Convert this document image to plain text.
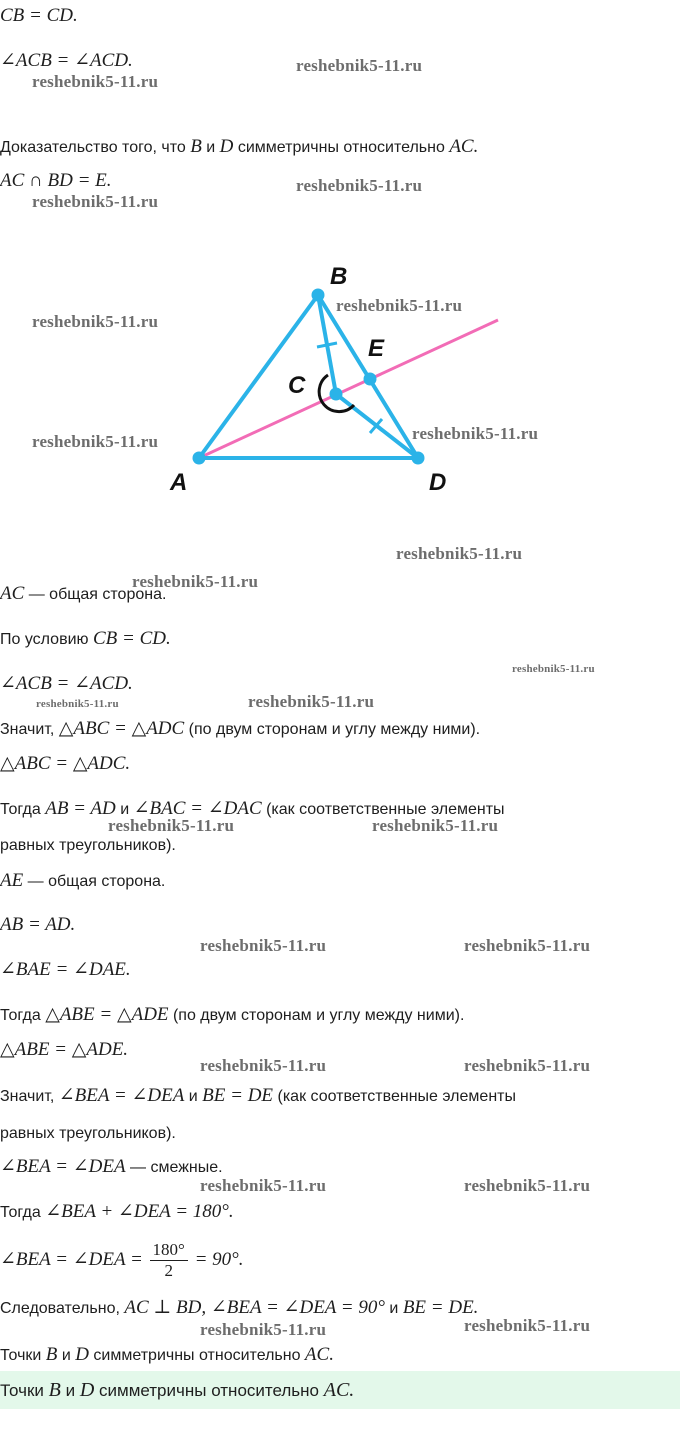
CB = CD.
∠ACB = ∠ACD.
Доказательство того, что B и D симметричны относительно AC.
AC ∩ BD = E.
B
E
C
A	D
AC — общая сторона.
По условию CB = CD.
∠ACB = ∠ACD.
Значит, △ABC = △ADC (по двум сторонам и углу между ними).
△ABC = △ADC.
Тогда AB = AD и ∠BAC = ∠DAC (как соответственные элементы
равных треугольников).
AE — общая сторона.
AB = AD.
∠BAE = ∠DAE.
Тогда △ABE = △ADE (по двум сторонам и углу между ними).
△ABE = △ADE.
Значит, ∠BEA = ∠DEA и BE = DE (как соответственные элементы
равных треугольников).
∠BEA = ∠DEA — смежные.
Тогда ∠BEA + ∠DEA = 180°.
∠BEA = ∠DEA = $\frac{180^\circ}{2} = 90^\circ$.
Следовательно, AC ⊥ BD, ∠BEA = ∠DEA = 90° и BE = DE.
Точки B и D симметричны относительно AC.
Точки B и D симметричны относительно AC.
reshebnik5-11.ru
reshebnik5-11.ru
reshebnik5-11.ru
reshebnik5-11.ru
reshebnik5-11.ru
reshebnik5-11.ru
reshebnik5-11.ru
reshebnik5-11.ru
reshebnik5-11.ru
reshebnik5-11.ru
reshebnik5-11.ru
reshebnik5-11.ru	reshebnik5-11.ru
reshebnik5-11.ru	reshebnik5-11.ru
reshebnik5-11.ru	reshebnik5-11.ru
reshebnik5-11.ru	reshebnik5-11.ru
reshebnik5-11.ru	reshebnik5-11.ru
reshebnik5-11.ru	reshebnik5-11.ru
